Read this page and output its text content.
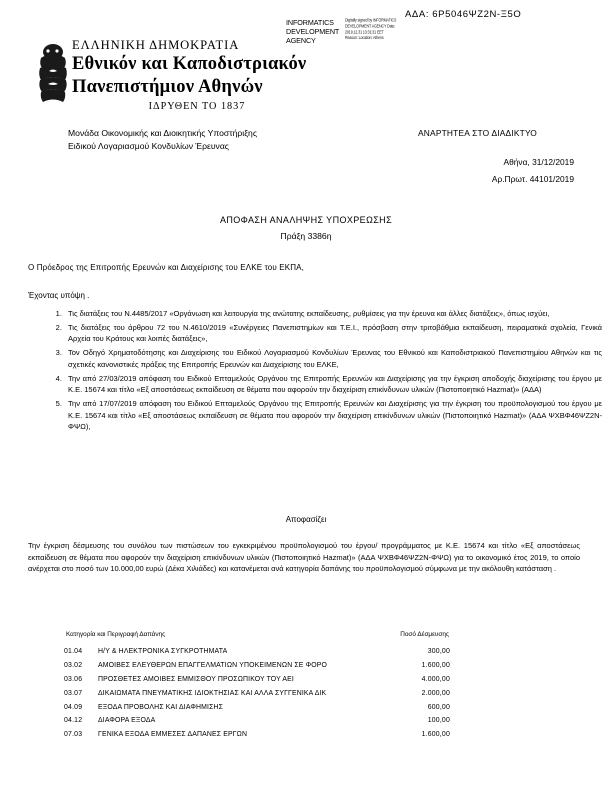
ΑΔΑ: 6Ρ5046ΨΖ2Ν-Ξ5Ο
INFORMATICS DEVELOPMENT AGENCY
Digitally signed by INFORMATICS DEVELOPMENT AGENCY Date: 2019.12.31 13:31:31 EET Reason: Location: Athens
ΕΛΛΗΝΙΚΗ ΔΗΜΟΚΡΑΤΙΑ
Εθνικόν και Καποδιστριακόν
Πανεπιστήμιον Αθηνών
ΙΔΡΥΘΕΝ ΤΟ 1837
Μονάδα Οικονομικής και Διοικητικής Υποστήριξης
Ειδικού Λογαριασμού Κονδυλίων Έρευνας
ΑΝΑΡΤΗΤΕΑ ΣΤΟ ΔΙΑΔΙΚΤΥΟ
Αθήνα, 31/12/2019
Αρ.Πρωτ. 44101/2019
ΑΠΟΦΑΣΗ ΑΝΑΛΗΨΗΣ ΥΠΟΧΡΕΩΣΗΣ
Πράξη 3386η
Ο Πρόεδρος της Επιτροπής Ερευνών και Διαχείρισης του ΕΛΚΕ του ΕΚΠΑ,
Έχοντας υπόψη .
1. Τις διατάξεις του Ν.4485/2017 «Οργάνωση και λειτουργία της ανώτατης εκπαίδευσης, ρυθμίσεις για την έρευνα και άλλες διατάξεις», όπως ισχύει,
2. Τις διατάξεις του άρθρου 72 του Ν.4610/2019 «Συνέργειες Πανεπιστημίων και Τ.Ε.Ι., πρόσβαση στην τριτοβάθμια εκπαίδευση, πειραματικά σχολεία, Γενικά Αρχεία του Κράτους και λοιπές διατάξεις»,
3. Τον Οδηγό Χρηματοδότησης και Διαχείρισης του Ειδικού Λογαριασμού Κονδυλίων Έρευνας του Εθνικού και Καποδιστριακού Πανεπιστημίου Αθηνών και τις σχετικές κανονιστικές πράξεις της Επιτροπής Ερευνών και Διαχείρισης του ΕΛΚΕ,
4. Την από 27/03/2019 απόφαση του Ειδικού Επταμελούς Οργάνου της Επιτροπής Ερευνών και Διαχείρισης για την έγκριση αποδοχής διαχείρισης του έργου με Κ.Ε. 15674 και τίτλο «Εξ αποστάσεως εκπαίδευση σε θέματα που αφορούν την διαχείριση επικίνδυνων υλικών (Πιστοποιητικό Hazmat)» (ΑΔΑ)
5. Την από 17/07/2019 απόφαση του Ειδικού Επταμελούς Οργάνου της Επιτροπής Ερευνών και Διαχείρισης για την έγκριση του προϋπολογισμού του έργου με Κ.Ε. 15674 και τίτλο «Εξ αποστάσεως εκπαίδευση σε θέματα που αφορούν την διαχείριση επικίνδυνων υλικών (Πιστοποιητικό Hazmat)» (ΑΔΑ ΨΧΒΦ46ΨΖ2Ν-ΦΨΩ),
Αποφασίζει
Την έγκριση δέσμευσης του συνόλου των πιστώσεων του εγκεκριμένου προϋπολογισμού του έργου/ προγράμματος με Κ.Ε. 15674 και τίτλο «Εξ αποστάσεως εκπαίδευση σε θέματα που αφορούν την διαχείριση επικίνδυνων υλικών (Πιστοποιητικό Hazmat)» (ΑΔΑ ΨΧΒΦ46ΨΖ2Ν-ΦΨΩ) για το οικονομικό έτος 2019, το οποίο ανέρχεται στο ποσό των 10.000,00 ευρώ (Δέκα Χιλιάδες) και κατανέμεται ανά κατηγορία δαπάνης του προϋπολογισμού σύμφωνα με την ακόλουθη κατάσταση .
Κατηγορία και Περιγραφή Δαπάνης		Ποσό Δέσμευσης
01.04	Η/Υ & ΗΛΕΚΤΡΟΝΙΚΑ ΣΥΓΚΡΟΤΗΜΑΤΑ	300,00
03.02	ΑΜΟΙΒΕΣ ΕΛΕΥΘΕΡΩΝ ΕΠΑΓΓΕΛΜΑΤΙΩΝ ΥΠΟΚΕΙΜΕΝΩΝ ΣΕ ΦΟΡΟ	1.600,00
03.06	ΠΡΟΣΘΕΤΕΣ ΑΜΟΙΒΕΣ ΕΜΜΙΣΘΟΥ ΠΡΟΣΩΠΙΚΟΥ ΤΟΥ ΑΕΙ	4.000,00
03.07	ΔΙΚΑΙΩΜΑΤΑ ΠΝΕΥΜΑΤΙΚΗΣ ΙΔΙΟΚΤΗΣΙΑΣ ΚΑΙ ΑΛΛΑ ΣΥΓΓΕΝΙΚΑ ΔΙΚ	2.000,00
04.09	ΕΞΟΔΑ ΠΡΟΒΟΛΗΣ ΚΑΙ ΔΙΑΦΗΜΙΣΗΣ	600,00
04.12	ΔΙΑΦΟΡΑ ΕΞΟΔΑ	100,00
07.03	ΓΕΝΙΚΑ ΕΞΟΔΑ ΕΜΜΕΣΕΣ ΔΑΠΑΝΕΣ ΕΡΓΩΝ	1.600,00
